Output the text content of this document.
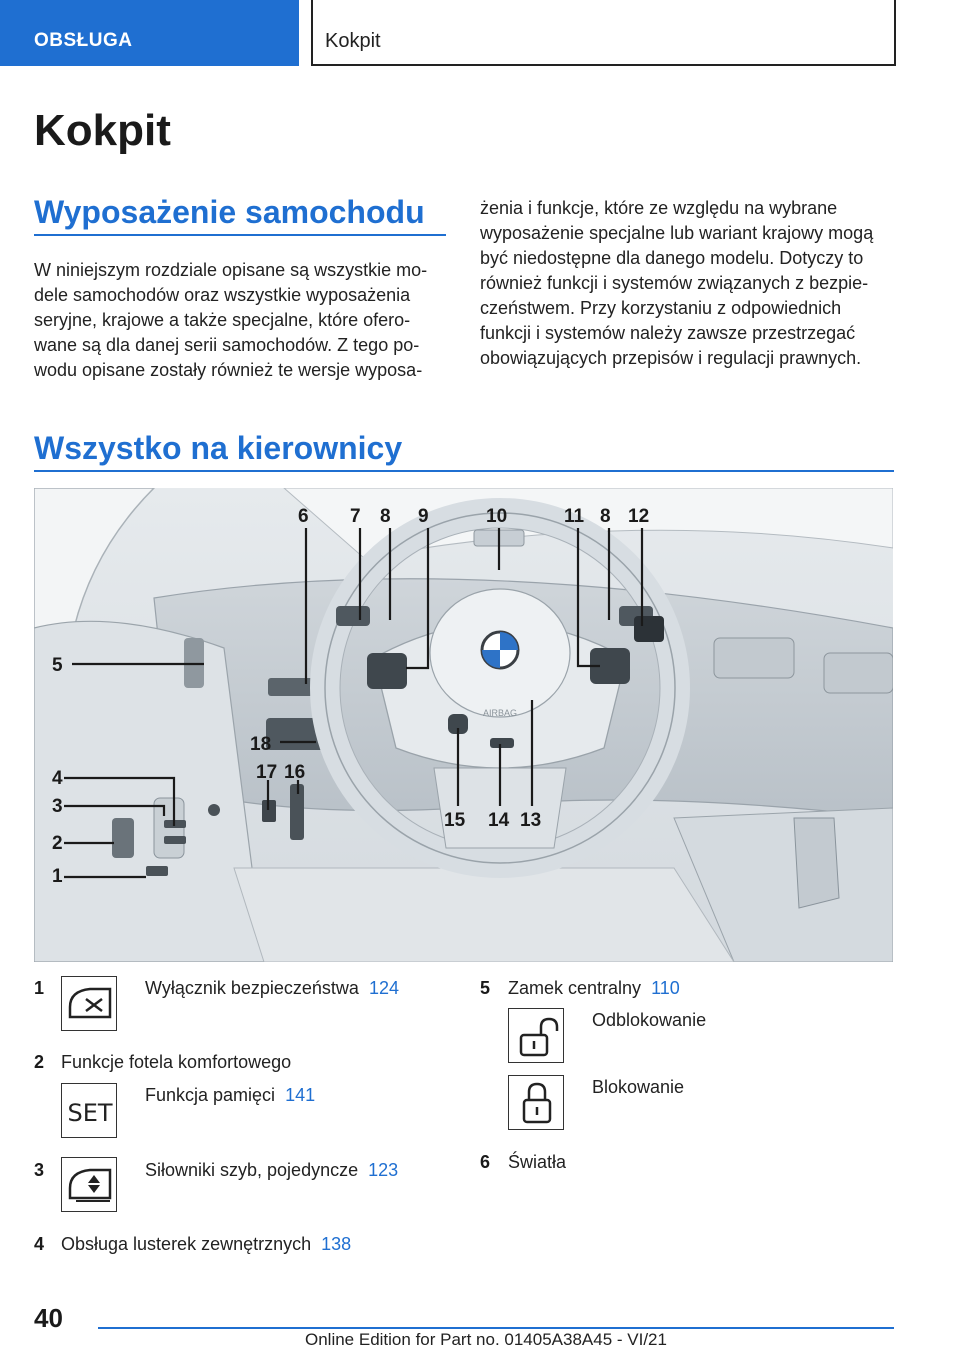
OBSŁUGA	Kokpit
Kokpit
Wyposażenie samochodu
W niniejszym rozdziale opisane są wszystkie mo‐
dele samochodów oraz wszystkie wyposażenia
seryjne, krajowe a także specjalne, które ofero‐
wane są dla danej serii samochodów. Z tego po‐
wodu opisane zostały również te wersje wyposa‐
żenia i funkcje, które ze względu na wybrane
wyposażenie specjalne lub wariant krajowy mogą
być niedostępne dla danego modelu. Dotyczy to
również funkcji i systemów związanych z bezpie‐
czeństwem. Przy korzystaniu z odpowiednich
funkcji i systemów należy zawsze przestrzegać
obowiązujących przepisów i regulacji prawnych.
Wszystko na kierownicy
AIRBAG
1
2
3
4
5
6 7 8 9	10	11 8 12
13
14
15
16
17
18
1	Wyłącznik bezpieczeństwa 124
2 Funkcje fotela komfortowego
SET
Funkcja pamięci 141
3	Siłowniki szyb, pojedyncze 123
4 Obsługa lusterek zewnętrznych 138
5 Zamek centralny 110
Odblokowanie
Blokowanie
6 Światła
40
Online Edition for Part no. 01405A38A45 - VI/21
